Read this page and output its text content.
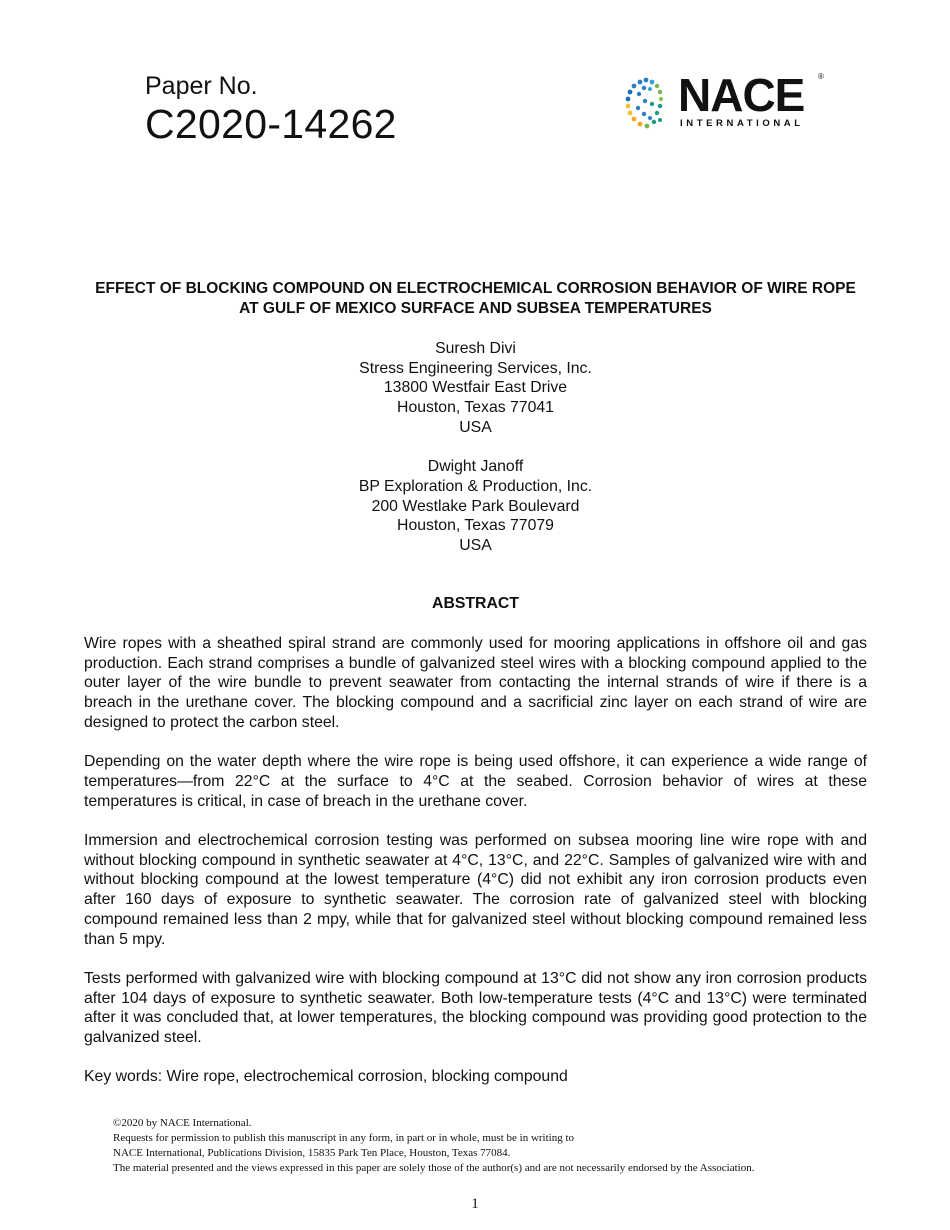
Paper No.
C2020-14262
NACE ®
INTERNATIONAL
EFFECT OF BLOCKING COMPOUND ON ELECTROCHEMICAL CORROSION BEHAVIOR OF WIRE ROPE AT GULF OF MEXICO SURFACE AND SUBSEA TEMPERATURES
Suresh Divi
Stress Engineering Services, Inc.
13800 Westfair East Drive
Houston, Texas 77041
USA
Dwight Janoff
BP Exploration & Production, Inc.
200 Westlake Park Boulevard
Houston, Texas 77079
USA
ABSTRACT

Wire ropes with a sheathed spiral strand are commonly used for mooring applications in offshore oil and gas production. Each strand comprises a bundle of galvanized steel wires with a blocking compound applied to the outer layer of the wire bundle to prevent seawater from contacting the internal strands of wire if there is a breach in the urethane cover. The blocking compound and a sacrificial zinc layer on each strand of wire are designed to protect the carbon steel.

Depending on the water depth where the wire rope is being used offshore, it can experience a wide range of temperatures—from 22°C at the surface to 4°C at the seabed. Corrosion behavior of wires at these temperatures is critical, in case of breach in the urethane cover.

Immersion and electrochemical corrosion testing was performed on subsea mooring line wire rope with and without blocking compound in synthetic seawater at 4°C, 13°C, and 22°C. Samples of galvanized wire with and without blocking compound at the lowest temperature (4°C) did not exhibit any iron corrosion products even after 160 days of exposure to synthetic seawater. The corrosion rate of galvanized steel with blocking compound remained less than 2 mpy, while that for galvanized steel without blocking compound remained less than 5 mpy.

Tests performed with galvanized wire with blocking compound at 13°C did not show any iron corrosion products after 104 days of exposure to synthetic seawater. Both low-temperature tests (4°C and 13°C) were terminated after it was concluded that, at lower temperatures, the blocking compound was providing good protection to the galvanized steel.

Key words: Wire rope, electrochemical corrosion, blocking compound

©2020 by NACE International.
Requests for permission to publish this manuscript in any form, in part or in whole, must be in writing to
NACE International, Publications Division, 15835 Park Ten Place, Houston, Texas 77084.
The material presented and the views expressed in this paper are solely those of the author(s) and are not necessarily endorsed by the Association.
1
